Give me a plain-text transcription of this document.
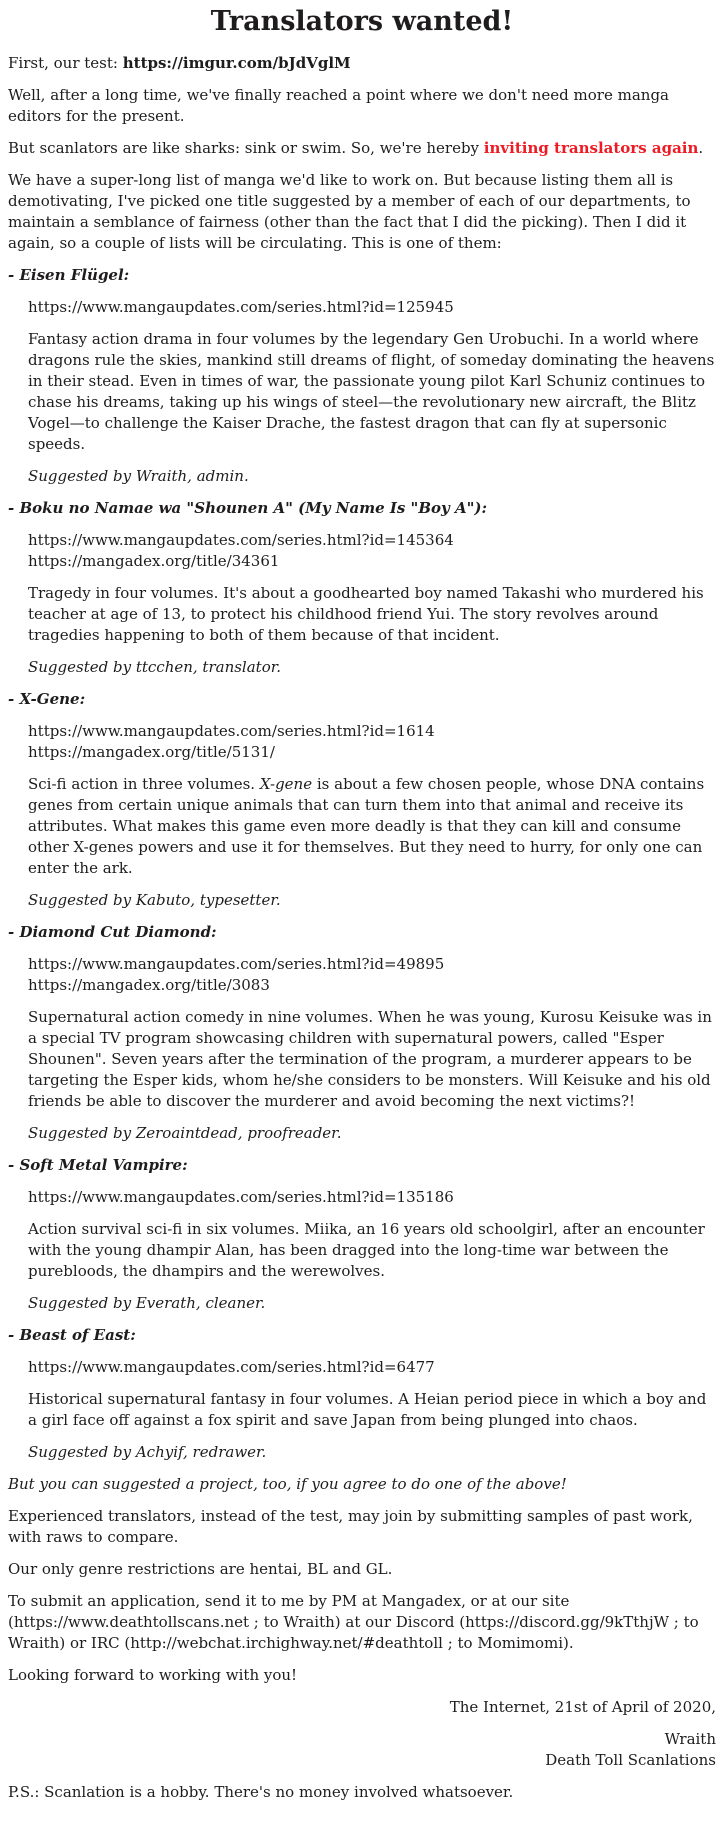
Translators wanted!

First, our test: https://imgur.com/bJdVglM

Well, after a long time, we've finally reached a point where we don't need more manga editors for the present.

But scanlators are like sharks: sink or swim. So, we're hereby inviting translators again.

We have a super-long list of manga we'd like to work on. But because listing them all is demotivating, I've picked one title suggested by a member of each of our departments, to maintain a semblance of fairness (other than the fact that I did the picking). Then I did it again, so a couple of lists will be circulating. This is one of them:

- Eisen Flügel:

https://www.mangaupdates.com/series.html?id=125945

Fantasy action drama in four volumes by the legendary Gen Urobuchi. In a world where dragons rule the skies, mankind still dreams of flight, of someday dominating the heavens in their stead. Even in times of war, the passionate young pilot Karl Schuniz continues to chase his dreams, taking up his wings of steel—the revolutionary new aircraft, the Blitz Vogel—to challenge the Kaiser Drache, the fastest dragon that can fly at supersonic speeds.

Suggested by Wraith, admin.

- Boku no Namae wa "Shounen A" (My Name Is "Boy A"):

https://www.mangaupdates.com/series.html?id=145364
https://mangadex.org/title/34361

Tragedy in four volumes. It's about a goodhearted boy named Takashi who murdered his teacher at age of 13, to protect his childhood friend Yui. The story revolves around tragedies happening to both of them because of that incident.

Suggested by ttcchen, translator.

- X-Gene:

https://www.mangaupdates.com/series.html?id=1614
https://mangadex.org/title/5131/

Sci-fi action in three volumes. X-gene is about a few chosen people, whose DNA contains genes from certain unique animals that can turn them into that animal and receive its attributes. What makes this game even more deadly is that they can kill and consume other X-genes powers and use it for themselves. But they need to hurry, for only one can enter the ark.

Suggested by Kabuto, typesetter.

- Diamond Cut Diamond:

https://www.mangaupdates.com/series.html?id=49895
https://mangadex.org/title/3083

Supernatural action comedy in nine volumes. When he was young, Kurosu Keisuke was in a special TV program showcasing children with supernatural powers, called "Esper Shounen". Seven years after the termination of the program, a murderer appears to be targeting the Esper kids, whom he/she considers to be monsters. Will Keisuke and his old friends be able to discover the murderer and avoid becoming the next victims?!

Suggested by Zeroaintdead, proofreader.

- Soft Metal Vampire:

https://www.mangaupdates.com/series.html?id=135186

Action survival sci-fi in six volumes. Miika, an 16 years old schoolgirl, after an encounter with the young dhampir Alan, has been dragged into the long-time war between the purebloods, the dhampirs and the werewolves.

Suggested by Everath, cleaner.

- Beast of East:

https://www.mangaupdates.com/series.html?id=6477

Historical supernatural fantasy in four volumes. A Heian period piece in which a boy and a girl face off against a fox spirit and save Japan from being plunged into chaos.

Suggested by Achyif, redrawer.

But you can suggested a project, too, if you agree to do one of the above!

Experienced translators, instead of the test, may join by submitting samples of past work, with raws to compare.

Our only genre restrictions are hentai, BL and GL.

To submit an application, send it to me by PM at Mangadex, or at our site (https://www.deathtollscans.net ; to Wraith) at our Discord (https://discord.gg/9kTthjW ; to Wraith) or IRC (http://webchat.irchighway.net/#deathtoll ; to Momimomi).

Looking forward to working with you!

The Internet, 21st of April of 2020,

Wraith
Death Toll Scanlations

P.S.: Scanlation is a hobby. There's no money involved whatsoever.
